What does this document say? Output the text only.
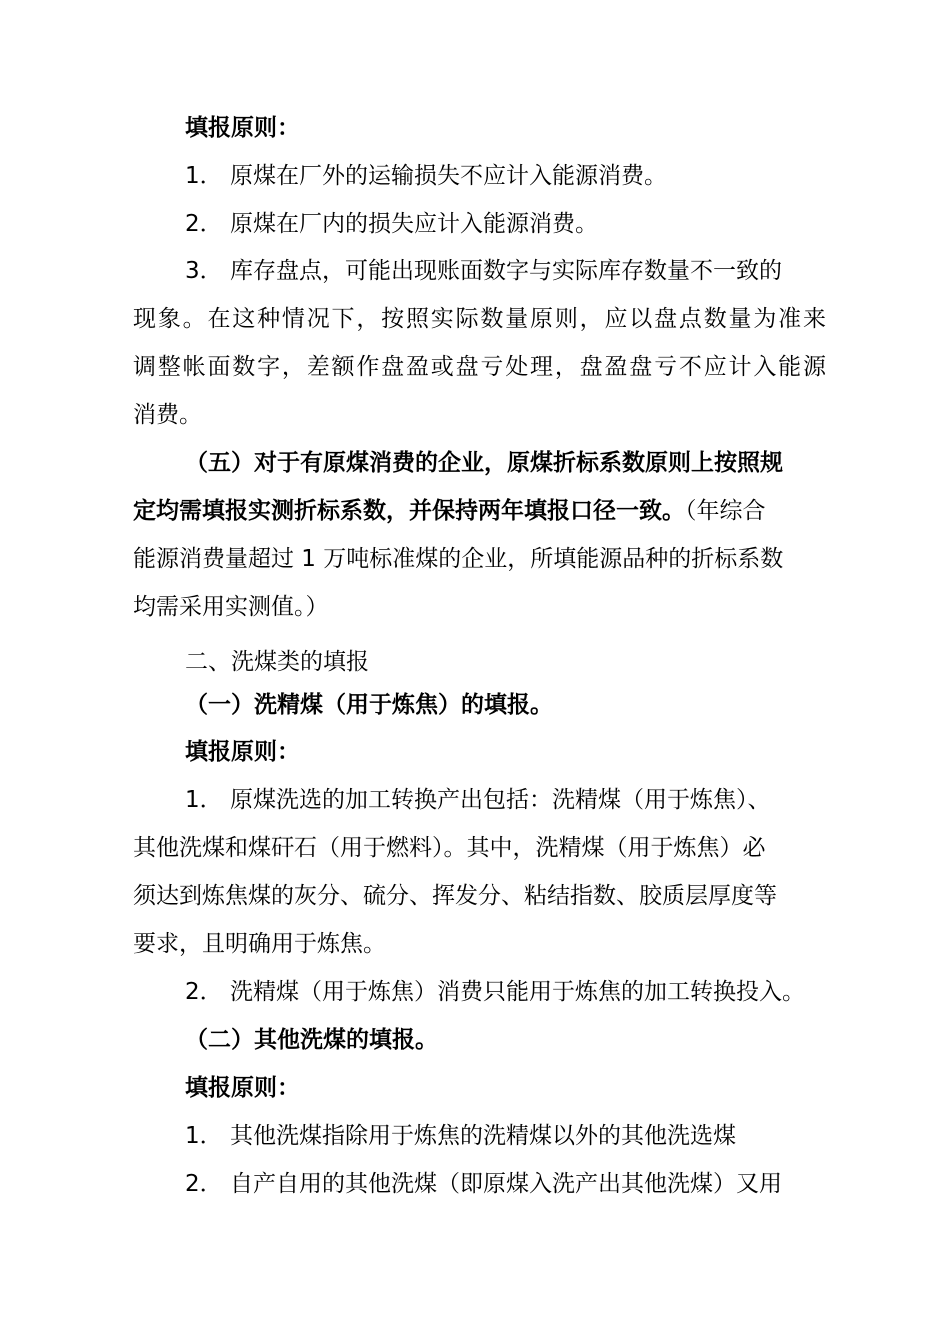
填报原则：
1． 原煤在厂外的运输损失不应计入能源消费。
2． 原煤在厂内的损失应计入能源消费。
3． 库存盘点，可能出现账面数字与实际库存数量不一致的
现象。在这种情况下，按照实际数量原则，应以盘点数量为准来
调整帐面数字，差额作盘盈或盘亏处理，盘盈盘亏不应计入能源
消费。
（五）对于有原煤消费的企业，原煤折标系数原则上按照规
定均需填报实测折标系数，并保持两年填报口径一致。（年综合
能源消费量超过 1 万吨标准煤的企业，所填能源品种的折标系数
均需采用实测值。）
二、洗煤类的填报
（一）洗精煤（用于炼焦）的填报。
填报原则：
1． 原煤洗选的加工转换产出包括：洗精煤（用于炼焦）、
其他洗煤和煤矸石（用于燃料）。其中，洗精煤（用于炼焦）必
须达到炼焦煤的灰分、硫分、挥发分、粘结指数、胶质层厚度等
要求，且明确用于炼焦。
2． 洗精煤（用于炼焦）消费只能用于炼焦的加工转换投入。
（二）其他洗煤的填报。
填报原则：
1． 其他洗煤指除用于炼焦的洗精煤以外的其他洗选煤
2． 自产自用的其他洗煤（即原煤入洗产出其他洗煤）又用
